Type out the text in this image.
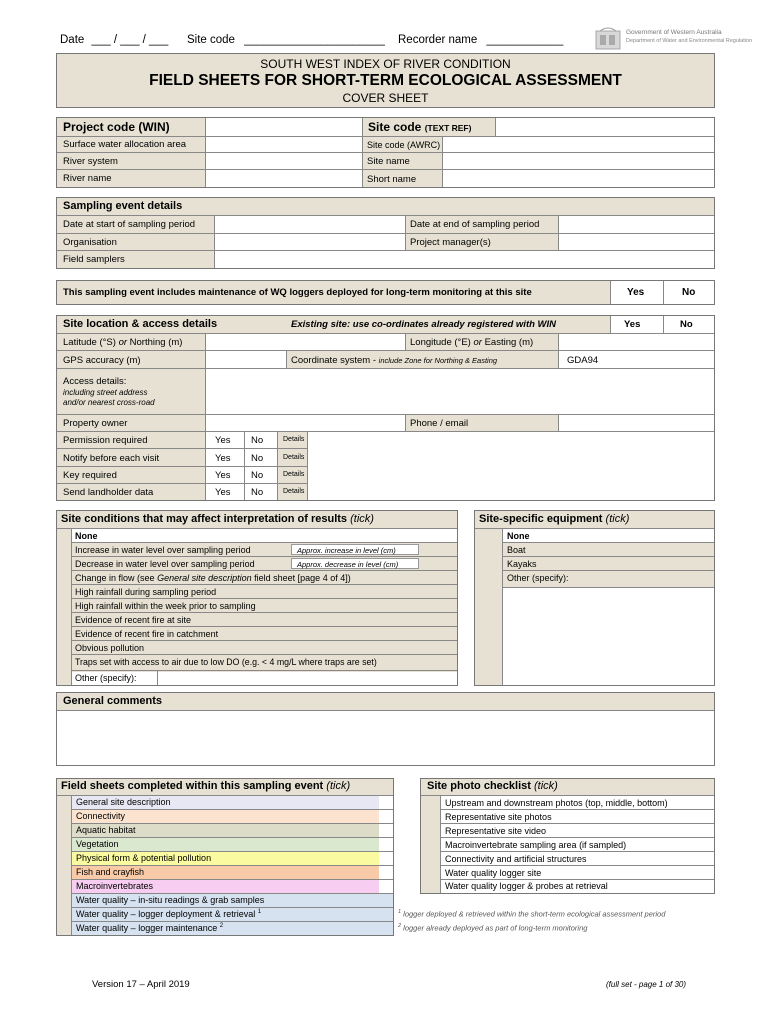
Date ___ / ___ / ___ Site code ______________________ Recorder name ____________
Government of Western Australia
Department of Water and Environmental Regulation
SOUTH WEST INDEX OF RIVER CONDITION
FIELD SHEETS FOR SHORT-TERM ECOLOGICAL ASSESSMENT
COVER SHEET
Project code (WIN)	Site code (TEXT REF)
Surface water allocation area	Site code (AWRC)
River system	Site name
River name	Short name
Sampling event details
Date at start of sampling period	Date at end of sampling period
Organisation	Project manager(s)
Field samplers
This sampling event includes maintenance of WQ loggers deployed for long-term monitoring at this site	Yes	No
Site location & access details	Existing site: use co-ordinates already registered with WIN	Yes	No
Latitude (°S) or Northing (m)	Longitude (°E) or Easting (m)
GPS accuracy (m)	Coordinate system - include Zone for Northing & Easting	GDA94
Access details:
including street address
and/or nearest cross-road
Property owner	Phone / email
Permission required	Yes No	Details
Notify before each visit	Yes No	Details
Key required	Yes No	Details
Send landholder data	Yes No	Details
Site conditions that may affect interpretation of results (tick)
None
Increase in water level over sampling period	Approx. increase in level (cm)
Decrease in water level over sampling period	Approx. decrease in level (cm)
Change in flow (see General site description field sheet [page 4 of 4])
High rainfall during sampling period
High rainfall within the week prior to sampling
Evidence of recent fire at site
Evidence of recent fire in catchment
Obvious pollution
Traps set with access to air due to low DO (e.g. < 4 mg/L where traps are set)
Other (specify):
Site-specific equipment (tick)
None
Boat
Kayaks
Other (specify):
General comments
Field sheets completed within this sampling event (tick)
General site description
Connectivity
Aquatic habitat
Vegetation
Physical form & potential pollution
Fish and crayfish
Macroinvertebrates
Water quality – in-situ readings & grab samples
Water quality – logger deployment & retrieval $^1$
Water quality – logger maintenance $^2$
Site photo checklist (tick)
Upstream and downstream photos (top, middle, bottom)
Representative site photos
Representative site video
Macroinvertebrate sampling area (if sampled)
Connectivity and artificial structures
Water quality logger site
Water quality logger & probes at retrieval
$^1$ logger deployed & retrieved within the short-term ecological assessment period
$^2$ logger already deployed as part of long-term monitoring
Version 17 – April 2019	(full set - page 1 of 30)
